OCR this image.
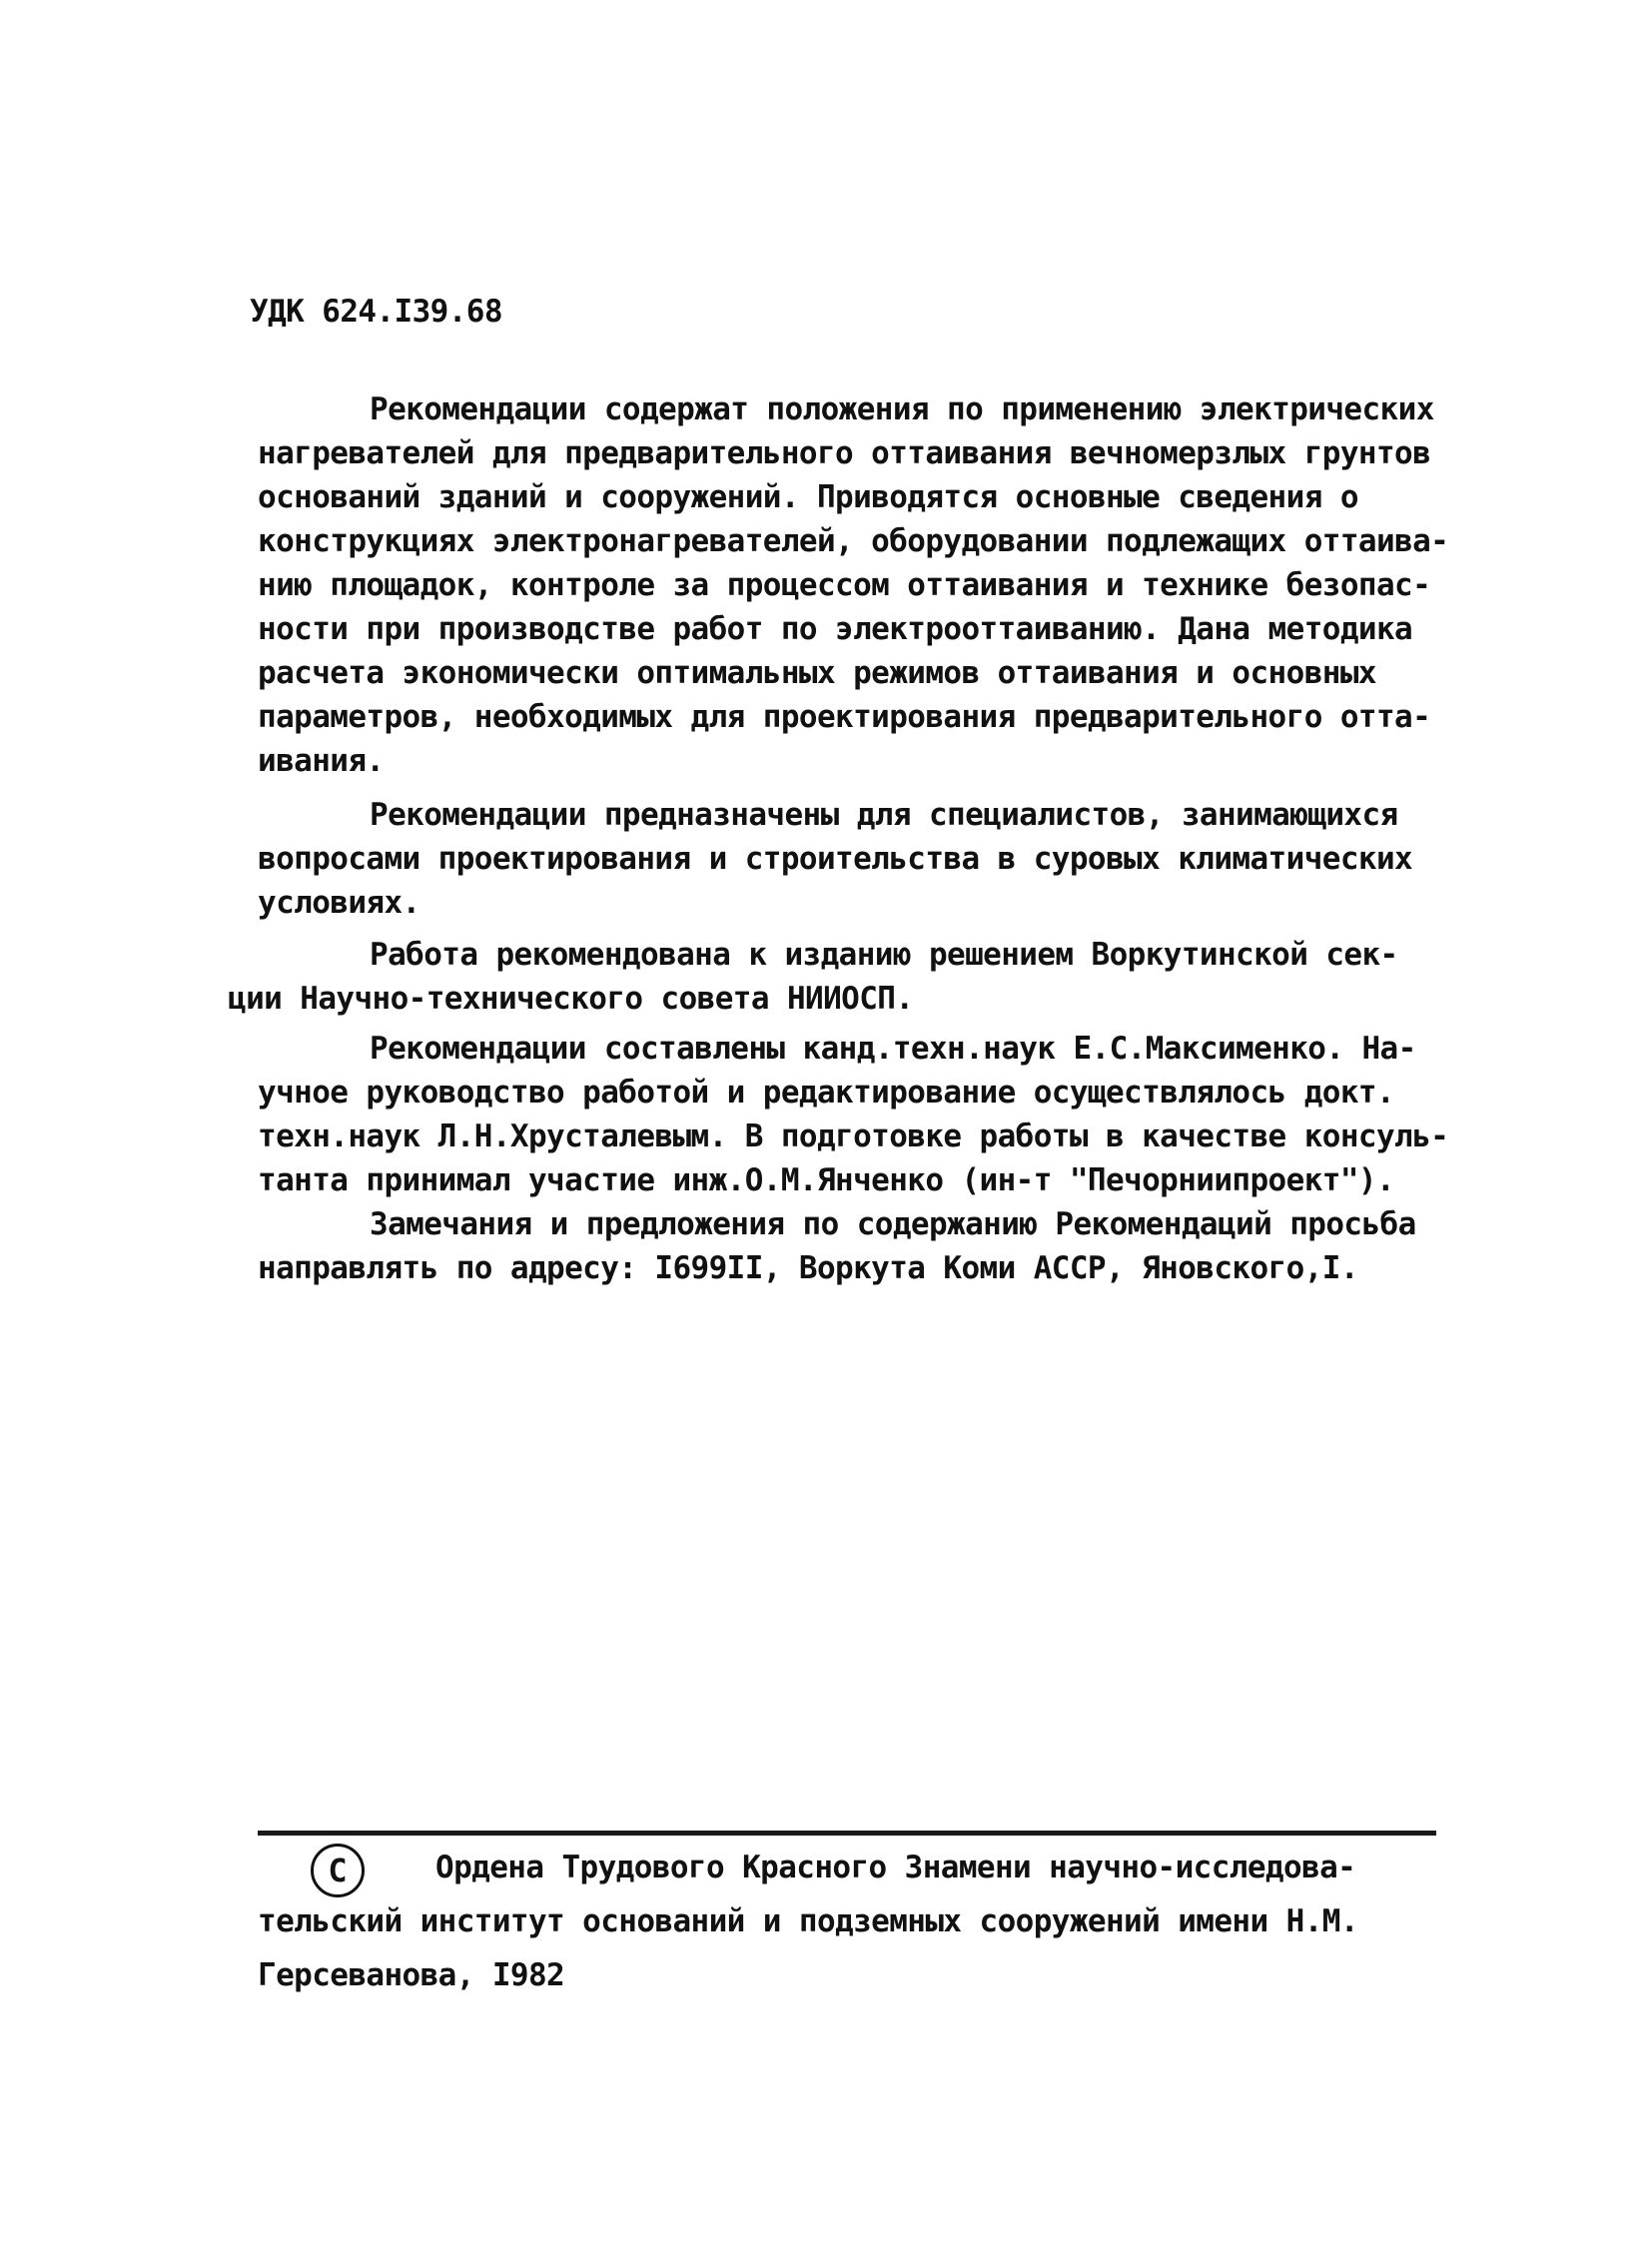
УДК 624.I39.68
Рекомендации содержат положения по применению электрических
нагревателей для предварительного оттаивания вечномерзлых грунтов
оснований зданий и сооружений. Приводятся основные сведения о
конструкциях электронагревателей, оборудовании подлежащих оттаива-
нию площадок, контроле за процессом оттаивания и технике безопас-
ности при производстве работ по электрооттаиванию. Дана методика
расчета экономически оптимальных режимов оттаивания и основных
параметров, необходимых для проектирования предварительного отта-
ивания.
Рекомендации предназначены для специалистов, занимающихся
вопросами проектирования и строительства в суровых климатических
условиях.
Работа рекомендована к изданию решением Воркутинской сек-
ции Научно-технического совета НИИОСП.
Рекомендации составлены канд.техн.наук Е.С.Максименко. На-
учное руководство работой и редактирование осуществлялось докт.
техн.наук Л.Н.Хрусталевым. В подготовке работы в качестве консуль-
танта принимал участие инж.О.М.Янченко (ин-т "Печорниипроект").
Замечания и предложения по содержанию Рекомендаций просьба
направлять по адресу: I699II, Воркута Коми АССР, Яновского,I.
C	Ордена Трудового Красного Знамени научно-исследова-
тельский институт оснований и подземных сооружений имени Н.М.
Герсеванова, I982
